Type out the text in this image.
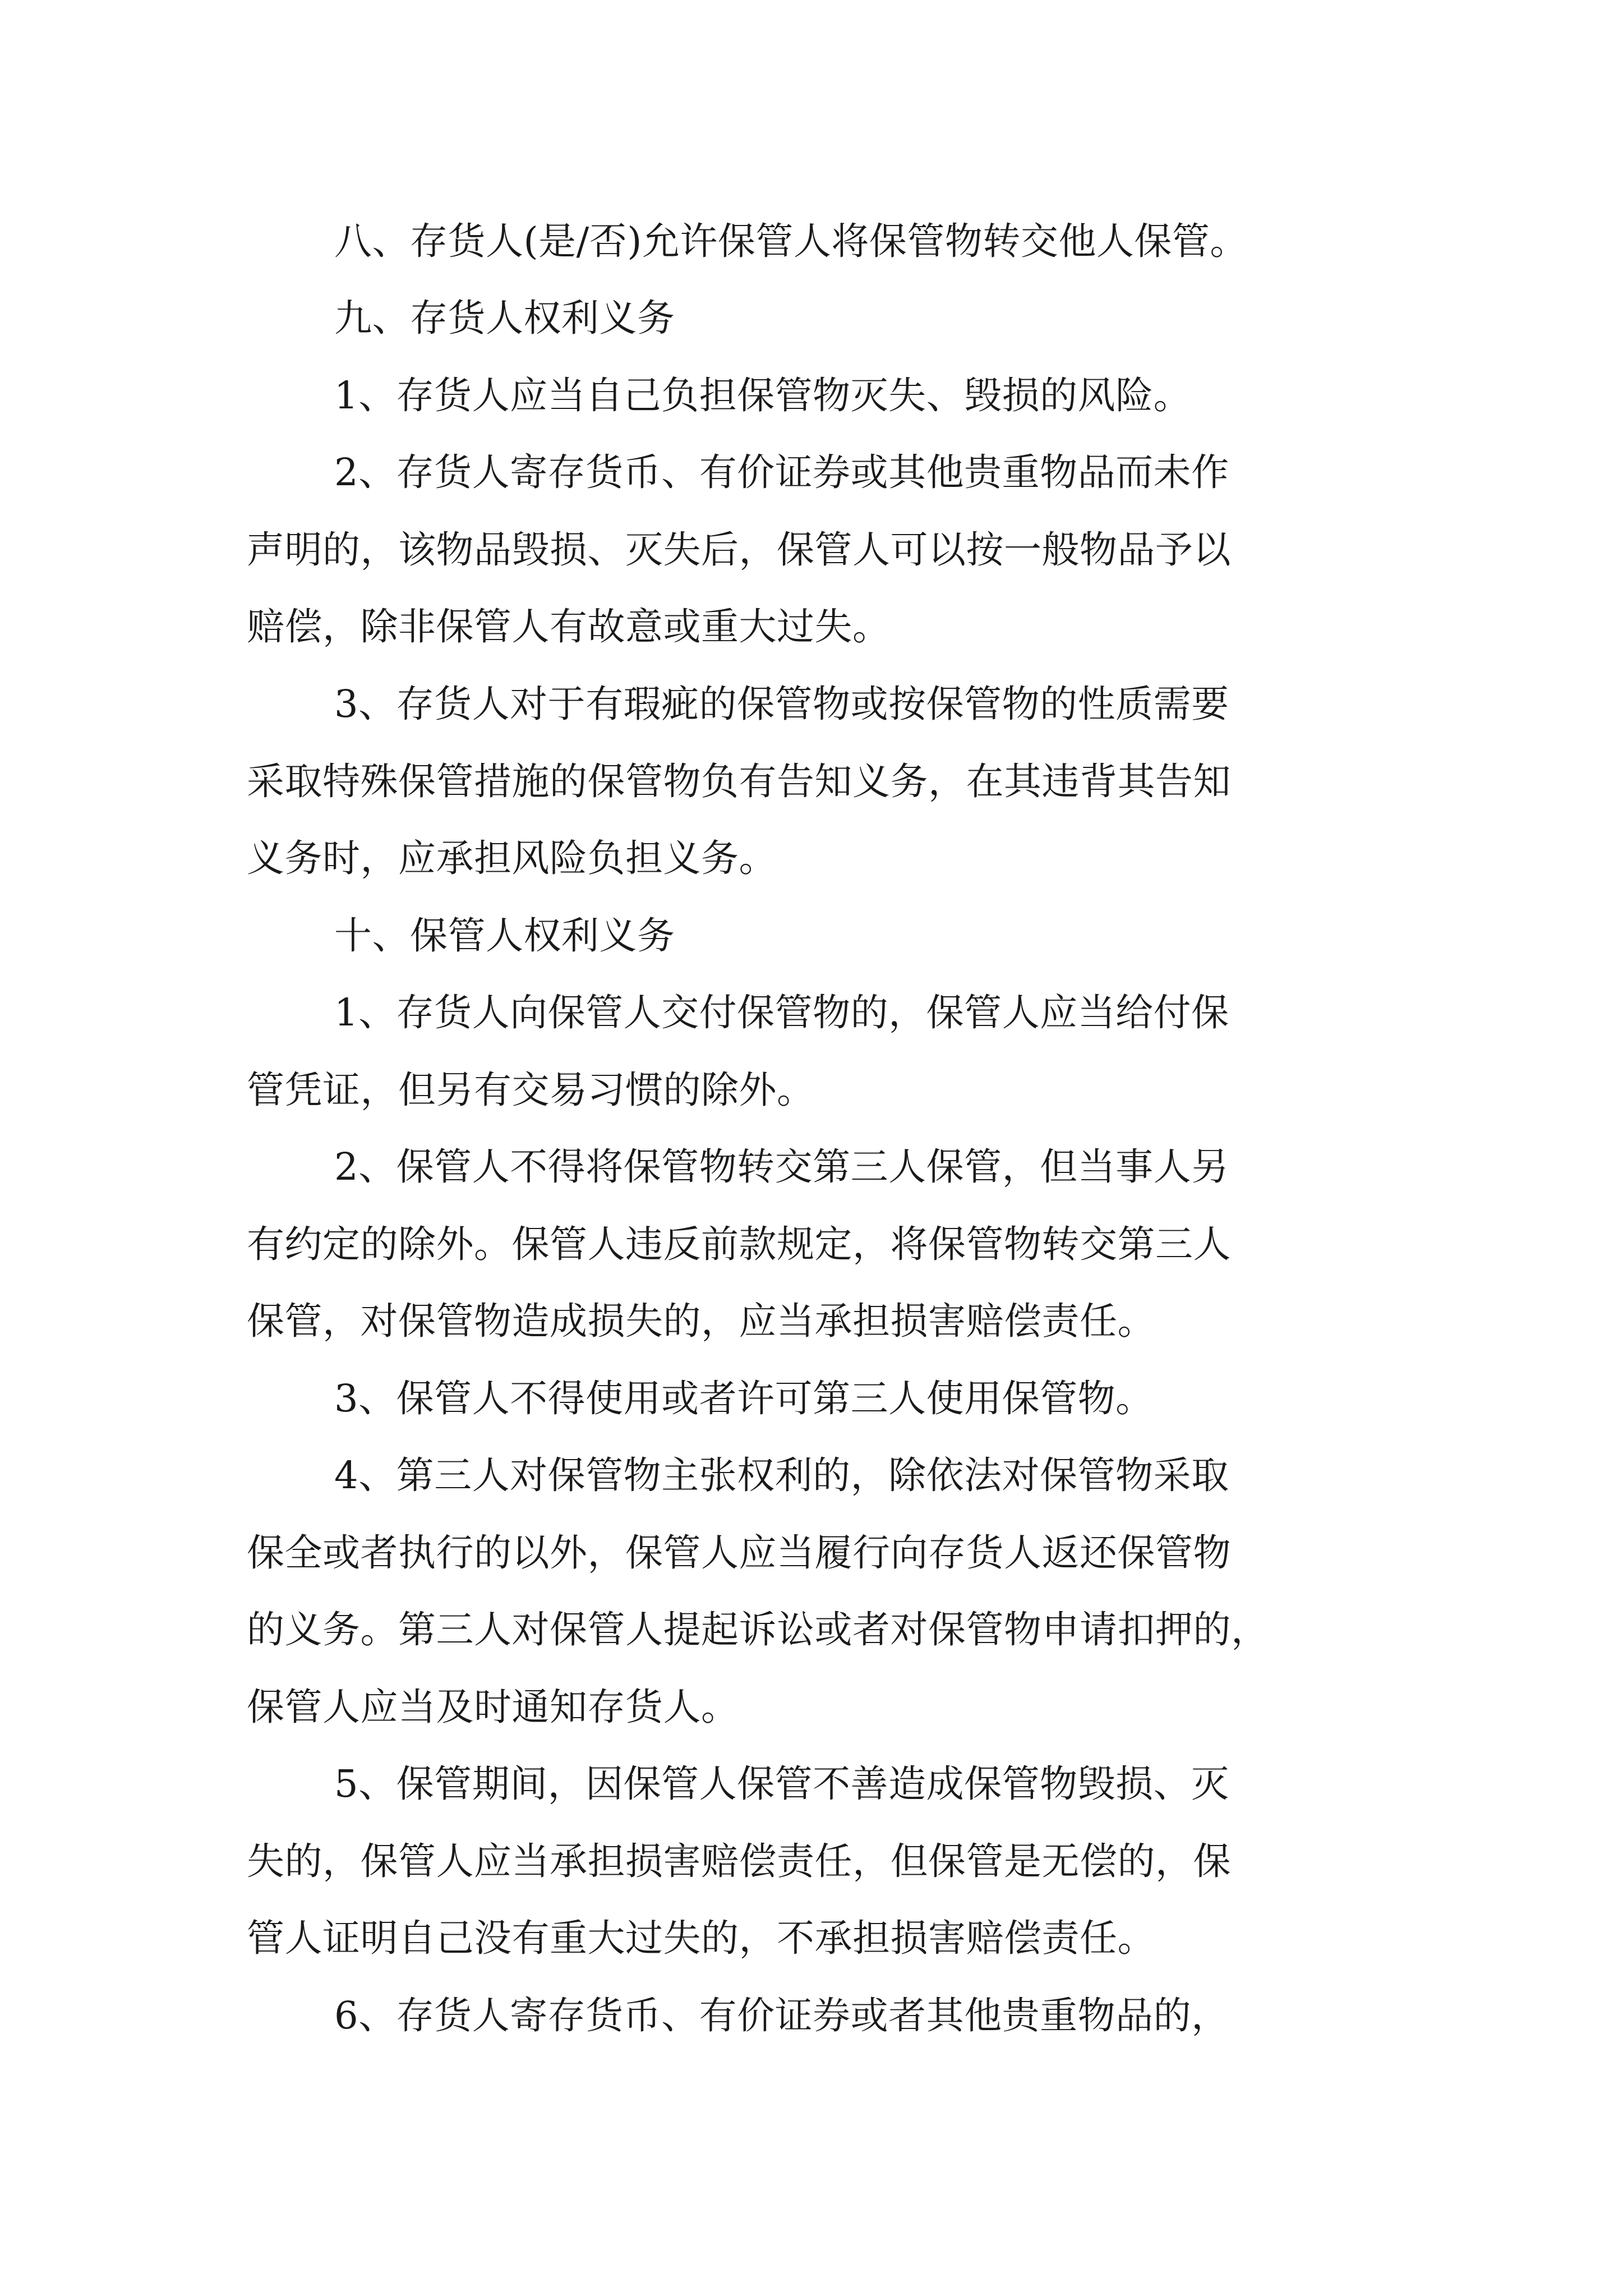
八、存货人(是/否)允许保管人将保管物转交他人保管。
九、存货人权利义务
1、存货人应当自己负担保管物灭失、毁损的风险。
2、存货人寄存货币、有价证券或其他贵重物品而未作
声明的，该物品毁损、灭失后，保管人可以按一般物品予以
赔偿，除非保管人有故意或重大过失。
3、存货人对于有瑕疵的保管物或按保管物的性质需要
采取特殊保管措施的保管物负有告知义务，在其违背其告知
义务时，应承担风险负担义务。
十、保管人权利义务
1、存货人向保管人交付保管物的，保管人应当给付保
管凭证，但另有交易习惯的除外。
2、保管人不得将保管物转交第三人保管，但当事人另
有约定的除外。保管人违反前款规定，将保管物转交第三人
保管，对保管物造成损失的，应当承担损害赔偿责任。
3、保管人不得使用或者许可第三人使用保管物。
4、第三人对保管物主张权利的，除依法对保管物采取
保全或者执行的以外，保管人应当履行向存货人返还保管物
的义务。第三人对保管人提起诉讼或者对保管物申请扣押的，
保管人应当及时通知存货人。
5、保管期间，因保管人保管不善造成保管物毁损、灭
失的，保管人应当承担损害赔偿责任，但保管是无偿的，保
管人证明自己没有重大过失的，不承担损害赔偿责任。
6、存货人寄存货币、有价证券或者其他贵重物品的，
